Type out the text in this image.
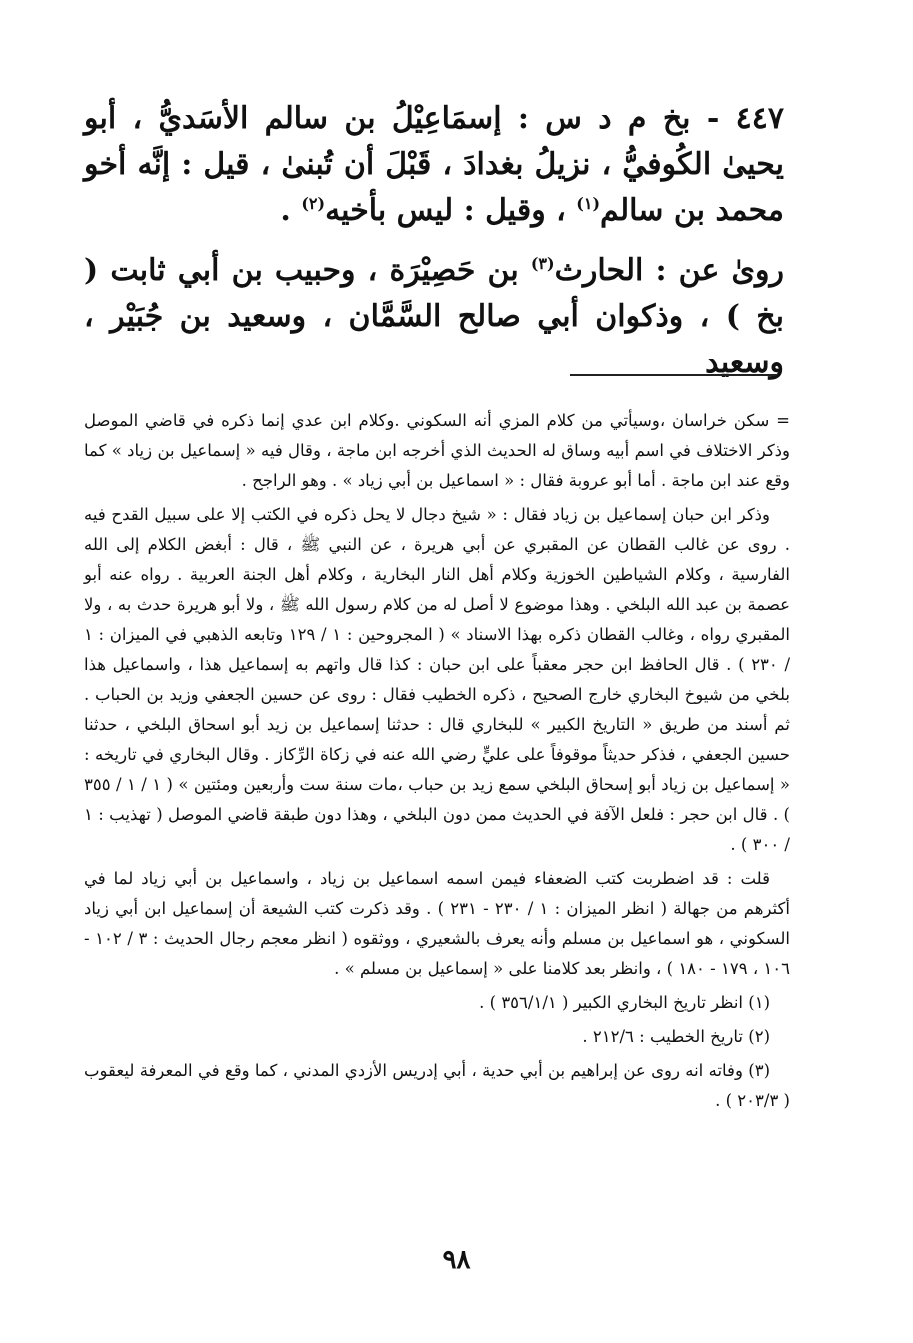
٤٤٧ - بخ م د س : إسمَاعِيْلُ بن سالم الأسَديُّ ، أبو يحيىٰ الكُوفيُّ ، نزيلُ بغدادَ ، قَبْلَ أن تُبنىٰ ، قيل : إنَّه أخو محمد بن سالم$^{(١)}$ ، وقيل : ليس بأخيه$^{(٢)}$ .

روىٰ عن : الحارث$^{(٣)}$ بن حَصِيْرَة ، وحبيب بن أبي ثابت ( بخ ) ، وذكوان أبي صالح السَّمَّان ، وسعيد بن جُبَيْر ، وسعيد

= سكن خراسان ،وسيأتي من كلام المزي أنه السكوني .وكلام ابن عدي إنما ذكره في قاضي الموصل وذكر الاختلاف في اسم أبيه وساق له الحديث الذي أخرجه ابن ماجة ، وقال فيه « إسماعيل بن زياد » كما وقع عند ابن ماجة . أما أبو عروبة فقال : « اسماعيل بن أبي زياد » . وهو الراجح .

وذكر ابن حبان إسماعيل بن زياد فقال : « شيخ دجال لا يحل ذكره في الكتب إلا على سبيل القدح فيه . روى عن غالب القطان عن المقبري عن أبي هريرة ، عن النبي ﷺ ، قال : أبغض الكلام إلى الله الفارسية ، وكلام الشياطين الخوزية وكلام أهل النار البخارية ، وكلام أهل الجنة العربية . رواه عنه أبو عصمة بن عبد الله البلخي . وهذا موضوع لا أصل له من كلام رسول الله ﷺ ، ولا أبو هريرة حدث به ، ولا المقبري رواه ، وغالب القطان ذكره بهذا الاسناد » ( المجروحين : ١ / ١٢٩ وتابعه الذهبي في الميزان : ١ / ٢٣٠ ) . قال الحافظ ابن حجر معقباً على ابن حبان : كذا قال واتهم به إسماعيل هذا ، واسماعيل هذا بلخي من شيوخ البخاري خارج الصحيح ، ذكره الخطيب فقال : روى عن حسين الجعفي وزيد بن الحباب . ثم أسند من طريق « التاريخ الكبير » للبخاري قال : حدثنا إسماعيل بن زيد أبو اسحاق البلخي ، حدثنا حسين الجعفي ، فذكر حديثاً موقوفاً على عليٍّ رضي الله عنه في زكاة الرِّكاز . وقال البخاري في تاريخه : « إسماعيل بن زياد أبو إسحاق البلخي سمع زيد بن حباب ،مات سنة ست وأربعين ومئتين » ( ١ / ١ / ٣٥٥ ) . قال ابن حجر : فلعل الآفة في الحديث ممن دون البلخي ، وهذا دون طبقة قاضي الموصل ( تهذيب : ١ / ٣٠٠ ) .

قلت : قد اضطربت كتب الضعفاء فيمن اسمه اسماعيل بن زياد ، واسماعيل بن أبي زياد لما في أكثرهم من جهالة ( انظر الميزان : ١ / ٢٣٠ - ٢٣١ ) . وقد ذكرت كتب الشيعة أن إسماعيل ابن أبي زياد السكوني ، هو اسماعيل بن مسلم وأنه يعرف بالشعيري ، ووثقوه ( انظر معجم رجال الحديث : ٣ / ١٠٢ - ١٠٦ ، ١٧٩ - ١٨٠ ) ، وانظر بعد كلامنا على « إسماعيل بن مسلم » .

(١) انظر تاريخ البخاري الكبير ( ٣٥٦/١/١ ) .

(٢) تاريخ الخطيب : ٢١٢/٦ .

(٣) وفاته انه روى عن إبراهيم بن أبي حدية ، أبي إدريس الأزدي المدني ، كما وقع في المعرفة ليعقوب ( ٢٠٣/٣ ) .

٩٨
